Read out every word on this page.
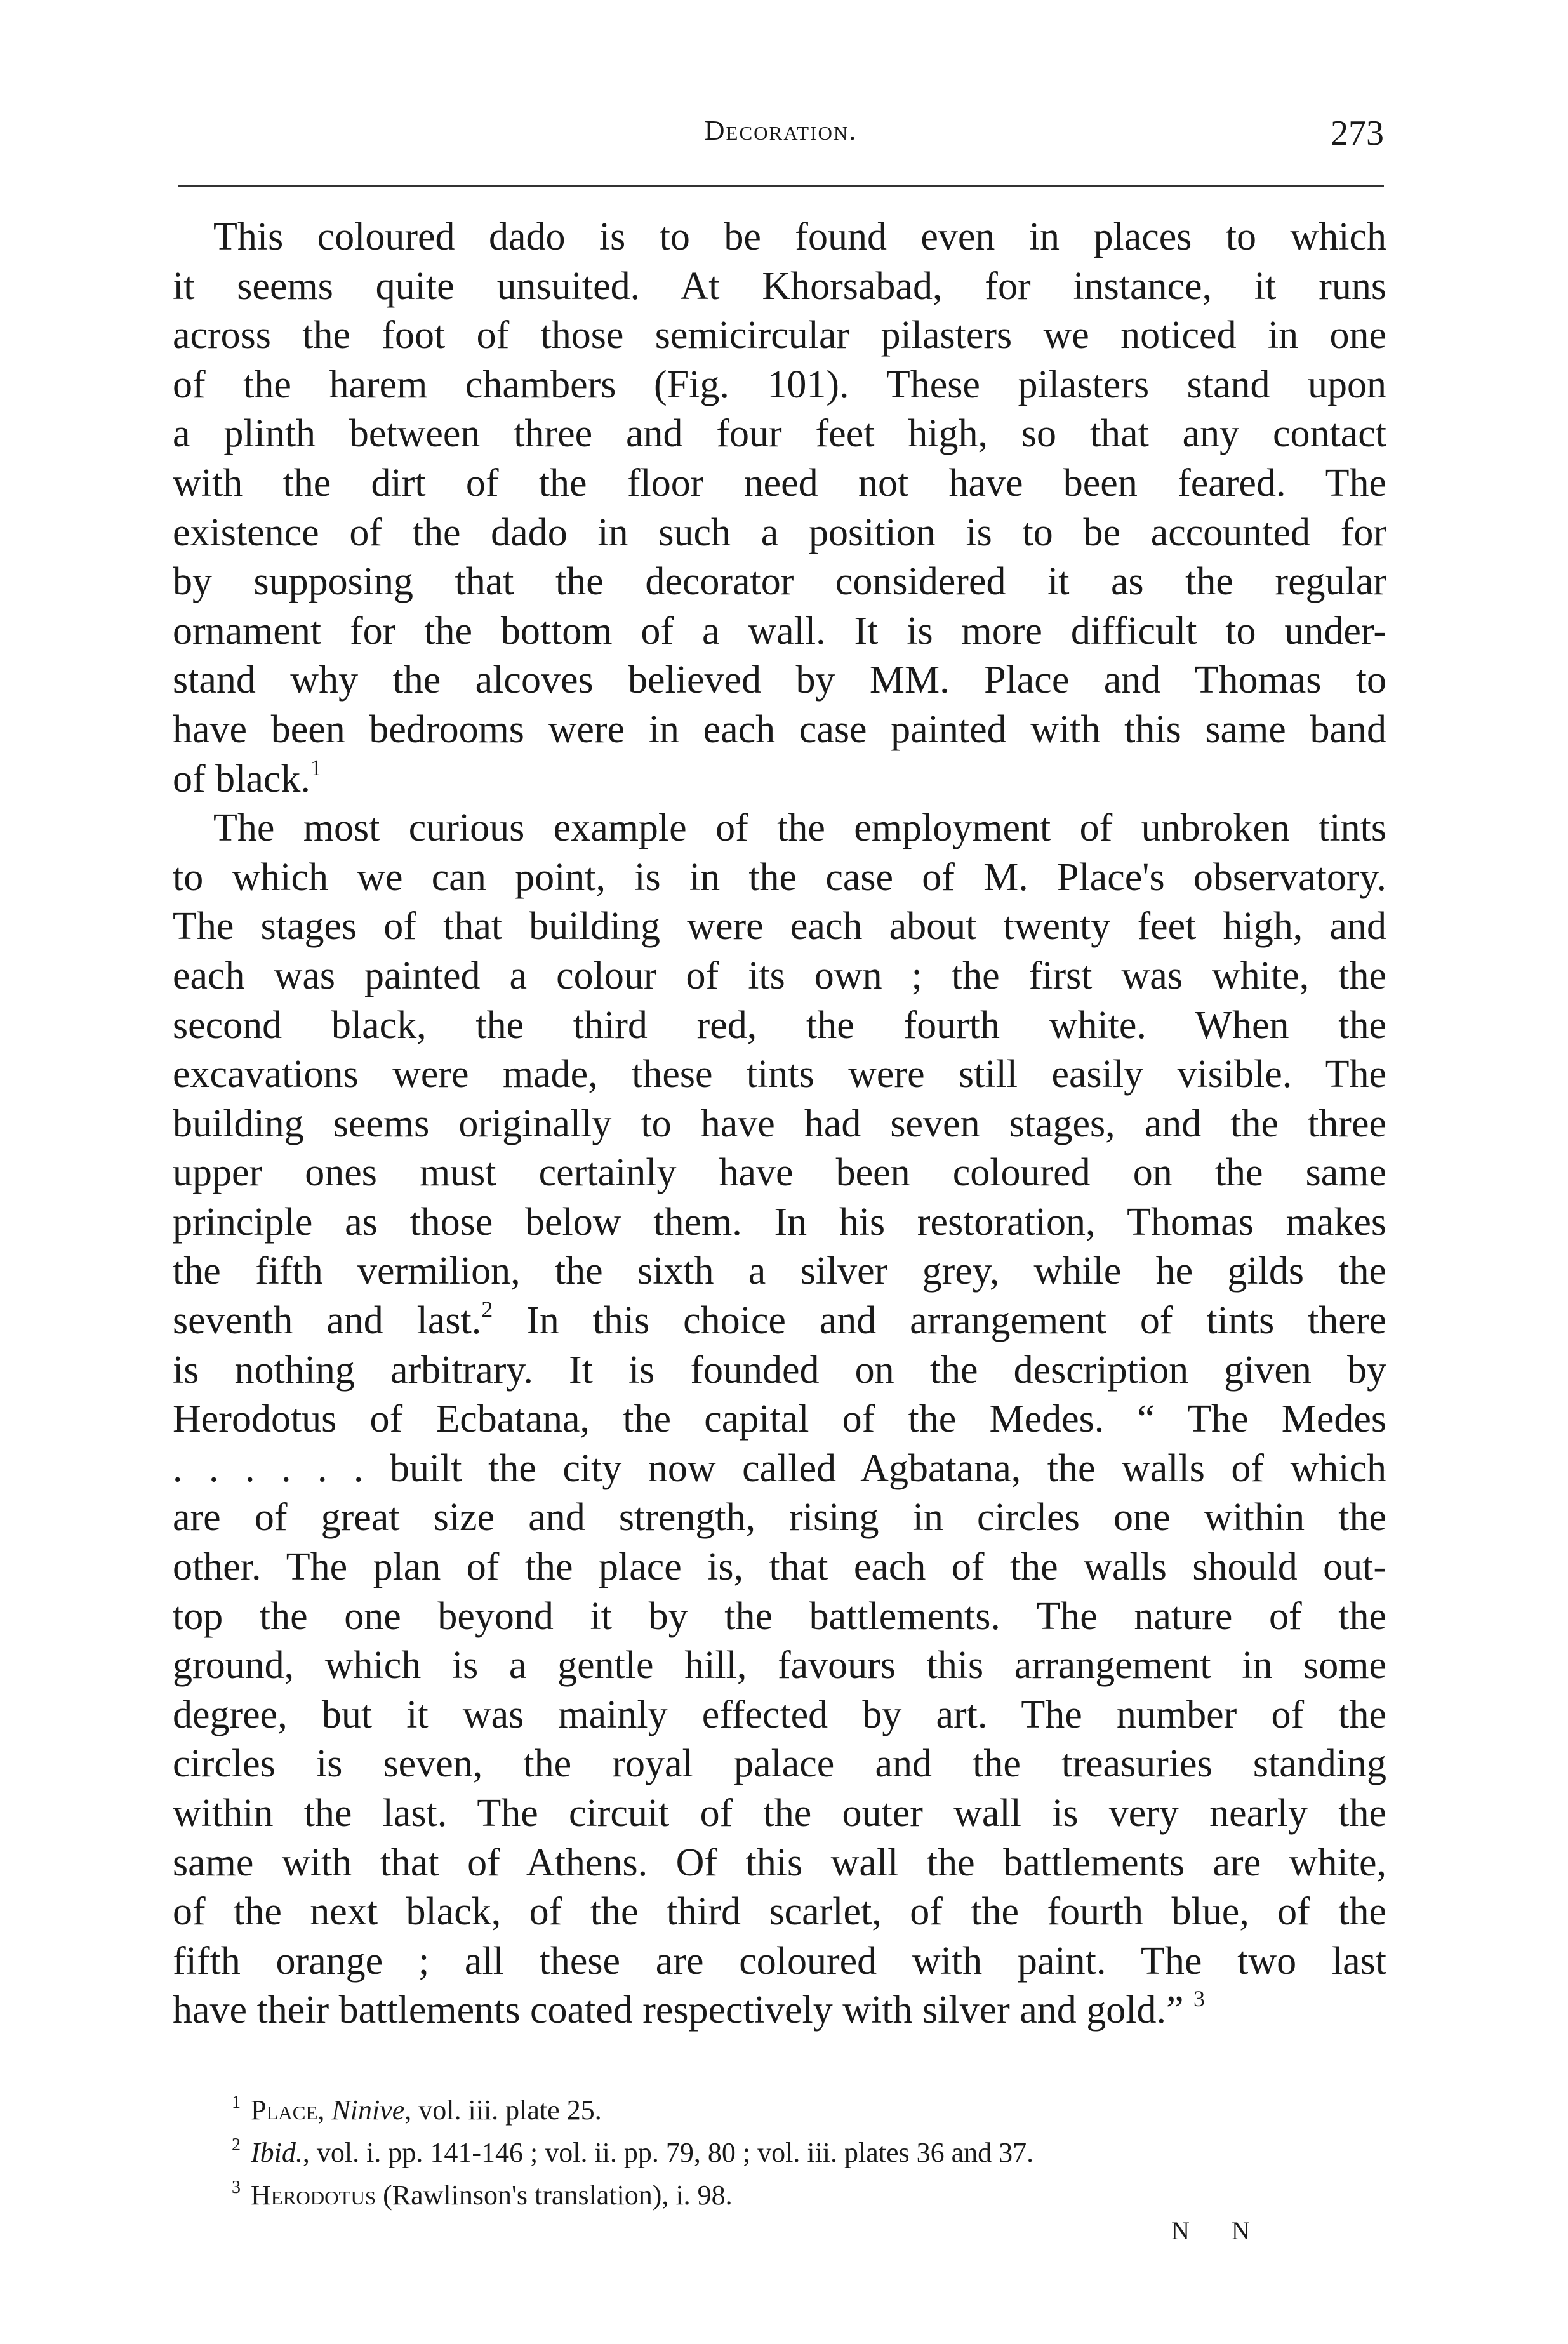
Decoration.	273
This coloured dado is to be found even in places to which
it seems quite unsuited. At Khorsabad, for instance, it runs
across the foot of those semicircular pilasters we noticed in one
of the harem chambers (Fig. 101). These pilasters stand upon
a plinth between three and four feet high, so that any contact
with the dirt of the floor need not have been feared. The
existence of the dado in such a position is to be accounted for
by supposing that the decorator considered it as the regular
ornament for the bottom of a wall. It is more difficult to under-
stand why the alcoves believed by MM. Place and Thomas to
have been bedrooms were in each case painted with this same band
of black.$^1$
The most curious example of the employment of unbroken tints
to which we can point, is in the case of M. Place's observatory.
The stages of that building were each about twenty feet high, and
each was painted a colour of its own ; the first was white, the
second black, the third red, the fourth white. When the
excavations were made, these tints were still easily visible. The
building seems originally to have had seven stages, and the three
upper ones must certainly have been coloured on the same
principle as those below them. In his restoration, Thomas makes
the fifth vermilion, the sixth a silver grey, while he gilds the
seventh and last.$^2$ In this choice and arrangement of tints there
is nothing arbitrary. It is founded on the description given by
Herodotus of Ecbatana, the capital of the Medes. “ The Medes
. . . . . . built the city now called Agbatana, the walls of which
are of great size and strength, rising in circles one within the
other. The plan of the place is, that each of the walls should out-
top the one beyond it by the battlements. The nature of the
ground, which is a gentle hill, favours this arrangement in some
degree, but it was mainly effected by art. The number of the
circles is seven, the royal palace and the treasuries standing
within the last. The circuit of the outer wall is very nearly the
same with that of Athens. Of this wall the battlements are white,
of the next black, of the third scarlet, of the fourth blue, of the
fifth orange ; all these are coloured with paint. The two last
have their battlements coated respectively with silver and gold.” $^3$
$^1$ Place, Ninive, vol. iii. plate 25.
$^2$ Ibid., vol. i. pp. 141-146 ; vol. ii. pp. 79, 80 ; vol. iii. plates 36 and 37.
$^3$ Herodotus (Rawlinson's translation), i. 98.
N N
